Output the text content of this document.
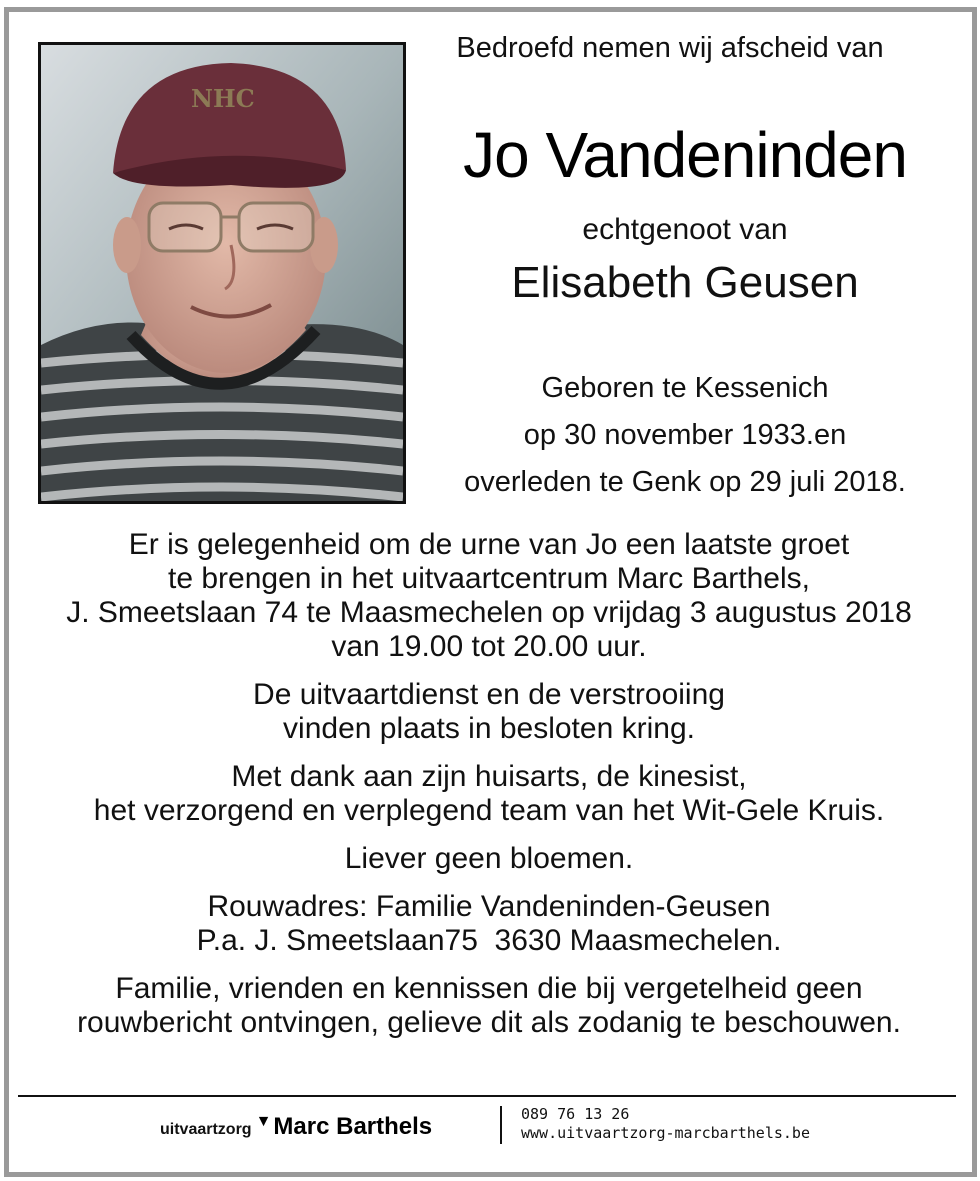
NHC
Bedroefd nemen wij afscheid van
Jo Vandeninden
echtgenoot van
Elisabeth Geusen
Geboren te Kessenich
op 30 november 1933.en
overleden te Genk op 29 juli 2018.
Er is gelegenheid om de urne van Jo een laatste groet
te brengen in het uitvaartcentrum Marc Barthels,
J. Smeetslaan 74 te Maasmechelen op vrijdag 3 augustus 2018
van 19.00 tot 20.00 uur.
De uitvaartdienst en de verstrooiing
vinden plaats in besloten kring.
Met dank aan zijn huisarts, de kinesist,
het verzorgend en verplegend team van het Wit-Gele Kruis.
Liever geen bloemen.
Rouwadres: Familie Vandeninden-Geusen
P.a. J. Smeetslaan75  3630 Maasmechelen.
Familie, vrienden en kennissen die bij vergetelheid geen
rouwbericht ontvingen, gelieve dit als zodanig te beschouwen.
uitvaartzorg ▼ Marc Barthels	089 76 13 26
www.uitvaartzorg-marcbarthels.be
